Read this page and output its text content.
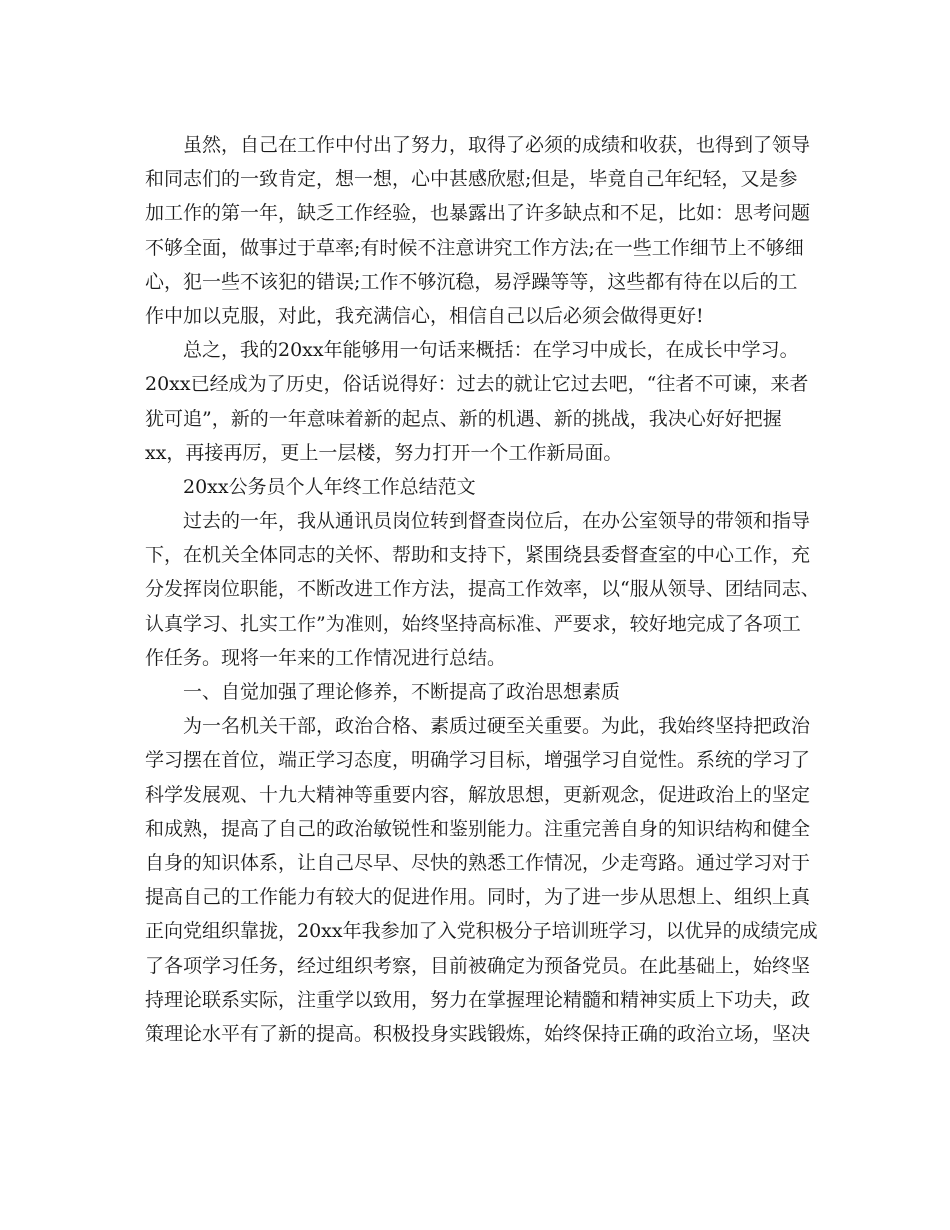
虽然，自己在工作中付出了努力，取得了必须的成绩和收获，也得到了领导
和同志们的一致肯定，想一想，心中甚感欣慰;但是，毕竟自己年纪轻，又是参
加工作的第一年，缺乏工作经验，也暴露出了许多缺点和不足，比如：思考问题
不够全面，做事过于草率;有时候不注意讲究工作方法;在一些工作细节上不够细
心，犯一些不该犯的错误;工作不够沉稳，易浮躁等等，这些都有待在以后的工
作中加以克服，对此，我充满信心，相信自己以后必须会做得更好!
总之，我的20xx年能够用一句话来概括：在学习中成长，在成长中学习。
20xx已经成为了历史，俗话说得好：过去的就让它过去吧，“往者不可谏，来者
犹可追”，新的一年意味着新的起点、新的机遇、新的挑战，我决心好好把握
xx，再接再厉，更上一层楼，努力打开一个工作新局面。
20xx公务员个人年终工作总结范文
过去的一年，我从通讯员岗位转到督查岗位后，在办公室领导的带领和指导
下，在机关全体同志的关怀、帮助和支持下，紧围绕县委督查室的中心工作，充
分发挥岗位职能，不断改进工作方法，提高工作效率，以“服从领导、团结同志、
认真学习、扎实工作”为准则，始终坚持高标准、严要求，较好地完成了各项工
作任务。现将一年来的工作情况进行总结。
一、自觉加强了理论修养，不断提高了政治思想素质
为一名机关干部，政治合格、素质过硬至关重要。为此，我始终坚持把政治
学习摆在首位，端正学习态度，明确学习目标，增强学习自觉性。系统的学习了
科学发展观、十九大精神等重要内容，解放思想，更新观念，促进政治上的坚定
和成熟，提高了自己的政治敏锐性和鉴别能力。注重完善自身的知识结构和健全
自身的知识体系，让自己尽早、尽快的熟悉工作情况，少走弯路。通过学习对于
提高自己的工作能力有较大的促进作用。同时，为了进一步从思想上、组织上真
正向党组织靠拢，20xx年我参加了入党积极分子培训班学习，以优异的成绩完成
了各项学习任务，经过组织考察，目前被确定为预备党员。在此基础上，始终坚
持理论联系实际，注重学以致用，努力在掌握理论精髓和精神实质上下功夫，政
策理论水平有了新的提高。积极投身实践锻炼，始终保持正确的政治立场，坚决
